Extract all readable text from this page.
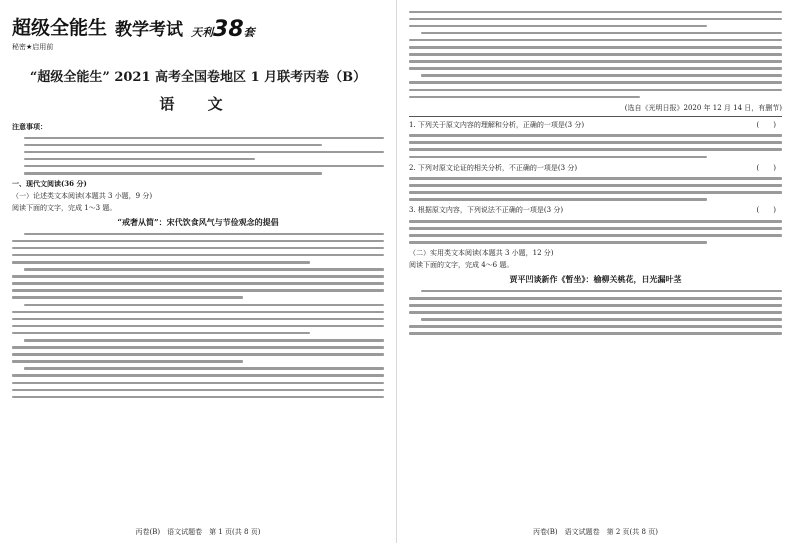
超级全能生 教学考试 天利 38 套
秘密★启用前
“超级全能生” 2021 高考全国卷地区 1 月联考丙卷（B）
语 文
注意事项：
一、现代文阅读(36 分)
（一）论述类文本阅读(本题共 3 小题，9 分)
阅读下面的文字，完成 1～3 题。
“戒奢从简”：宋代饮食风气与节俭观念的提倡
丙卷(B)　语文试题卷　第 1 页(共 8 页)
(选自《光明日报》2020 年 12 月 14 日，有删节)
1. 下列关于原文内容的理解和分析，正确的一项是(3 分)	(　　)
2. 下列对原文论证的相关分析，不正确的一项是(3 分)	(　　)
3. 根据原文内容，下列说法不正确的一项是(3 分)	(　　)
（二）实用类文本阅读(本题共 3 小题，12 分)
阅读下面的文字，完成 4～6 题。
贾平凹谈新作《暂坐》：榆柳关桃花，日光漏叶茎
丙卷(B)　语文试题卷　第 2 页(共 8 页)
